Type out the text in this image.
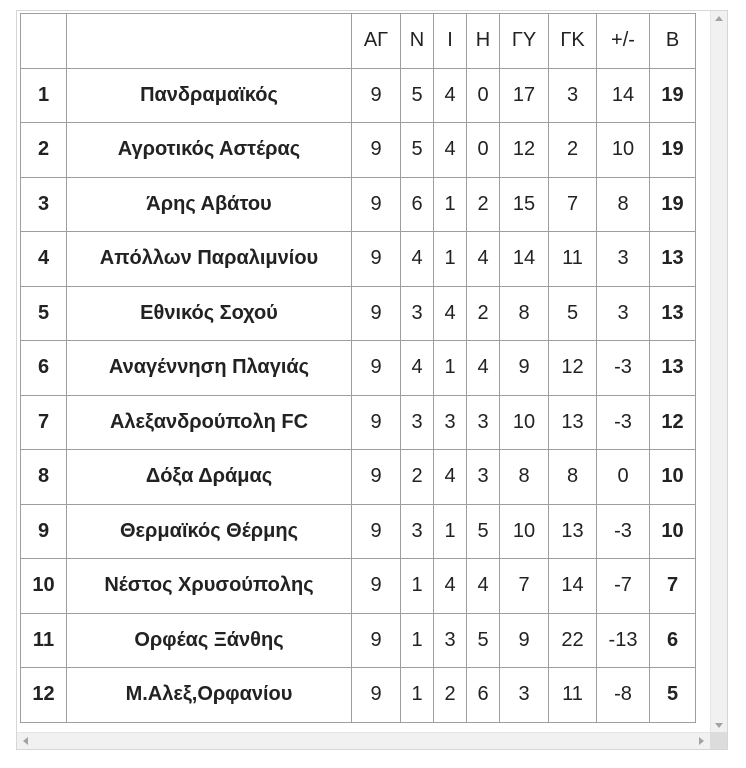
		ΑΓ	Ν	Ι	Η	ΓΥ	ΓΚ	+/-	Β
1	Πανδραμαϊκός	9	5	4	0	17	3	14	19
2	Αγροτικός Αστέρας	9	5	4	0	12	2	10	19
3	Άρης Αβάτου	9	6	1	2	15	7	8	19
4	Απόλλων Παραλιμνίου	9	4	1	4	14	11	3	13
5	Εθνικός Σοχού	9	3	4	2	8	5	3	13
6	Αναγέννηση Πλαγιάς	9	4	1	4	9	12	-3	13
7	Αλεξανδρούπολη FC	9	3	3	3	10	13	-3	12
8	Δόξα Δράμας	9	2	4	3	8	8	0	10
9	Θερμαϊκός Θέρμης	9	3	1	5	10	13	-3	10
10	Νέστος Χρυσούπολης	9	1	4	4	7	14	-7	7
11	Ορφέας Ξάνθης	9	1	3	5	9	22	-13	6
12	Μ.Αλεξ,Ορφανίου	9	1	2	6	3	11	-8	5
